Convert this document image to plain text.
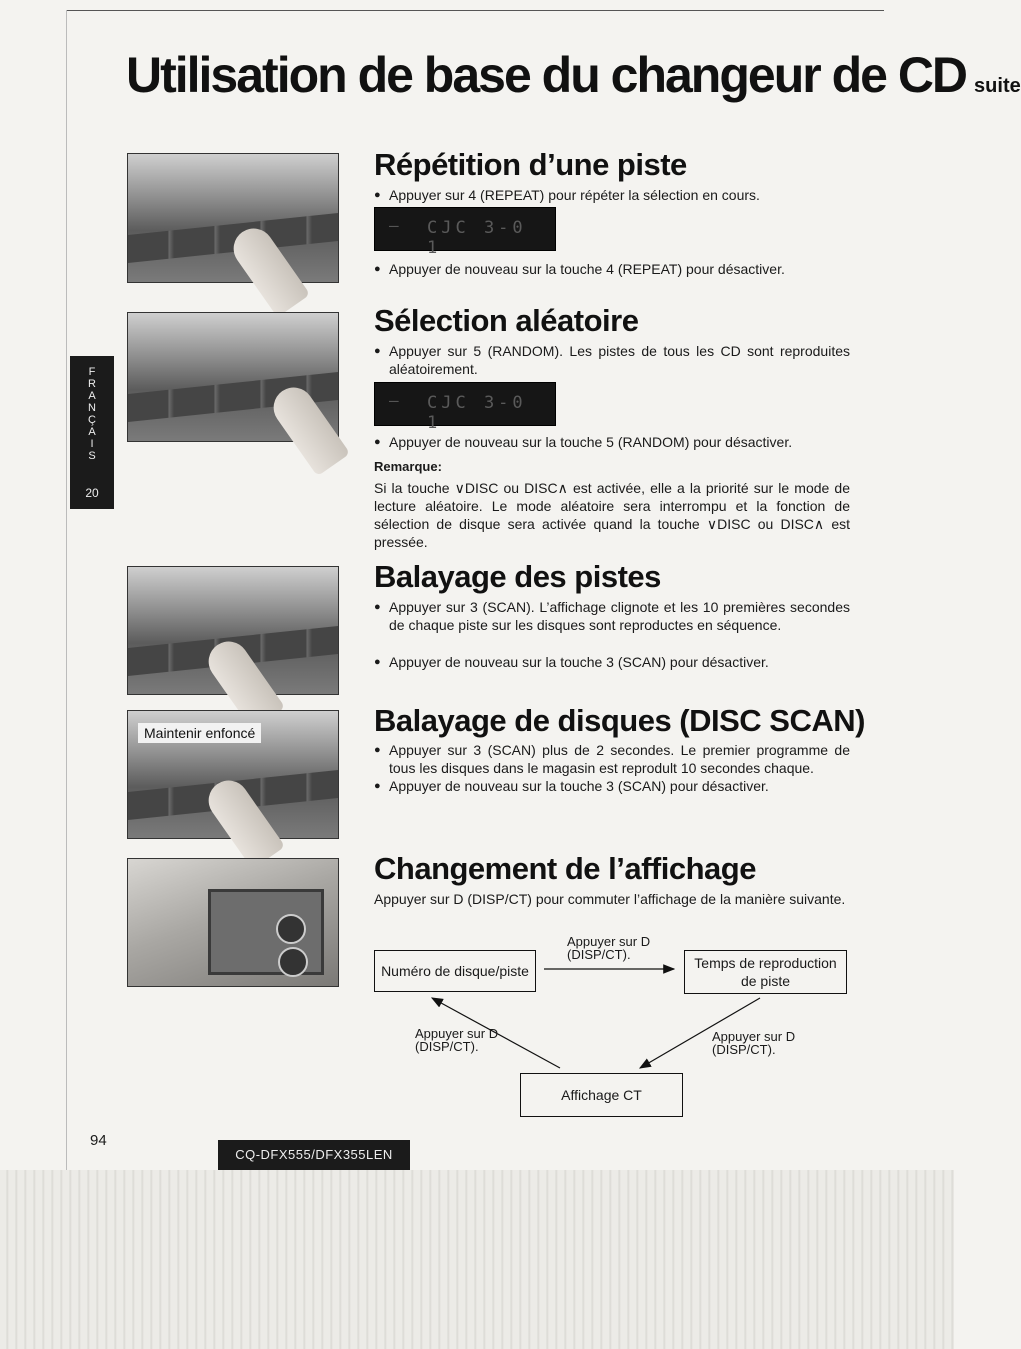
Utilisation de base du changeur de CD suite
F
R
A
N
Ç
A
I
S
20
Maintenir enfoncé
Répétition d’une piste
● Appuyer sur 4 (REPEAT) pour répéter la sélection en cours.
– CJC 3-0 1
● Appuyer de nouveau sur la touche 4 (REPEAT) pour désactiver.
Sélection aléatoire
● Appuyer sur 5 (RANDOM). Les pistes de tous les CD sont reproduites aléatoirement.
– CJC 3-0 1
● Appuyer de nouveau sur la touche 5 (RANDOM) pour désactiver.
Remarque:
Si la touche ∨DISC ou DISC∧ est activée, elle a la priorité sur le mode de lecture aléatoire. Le mode aléatoire sera interrompu et la fonction de sélection de disque sera activée quand la touche ∨DISC ou DISC∧ est pressée.
Balayage des pistes
● Appuyer sur 3 (SCAN). L’affichage clignote et les 10 premières secondes de chaque piste sur les disques sont reproductes en séquence.
● Appuyer de nouveau sur la touche 3 (SCAN) pour désactiver.
Balayage de disques (DISC SCAN)
● Appuyer sur 3 (SCAN) plus de 2 secondes. Le premier programme de tous les disques dans le magasin est reprodult 10 secondes chaque.
● Appuyer de nouveau sur la touche 3 (SCAN) pour désactiver.
Changement de l’affichage
Appuyer sur D (DISP/CT) pour commuter l’affichage de la manière suivante.
Numéro de disque/piste	Temps de reproduction de piste
Affichage CT
Appuyer sur D (DISP/CT).
Appuyer sur D (DISP/CT).
Appuyer sur D (DISP/CT).
94
CQ-DFX555/DFX355LEN
